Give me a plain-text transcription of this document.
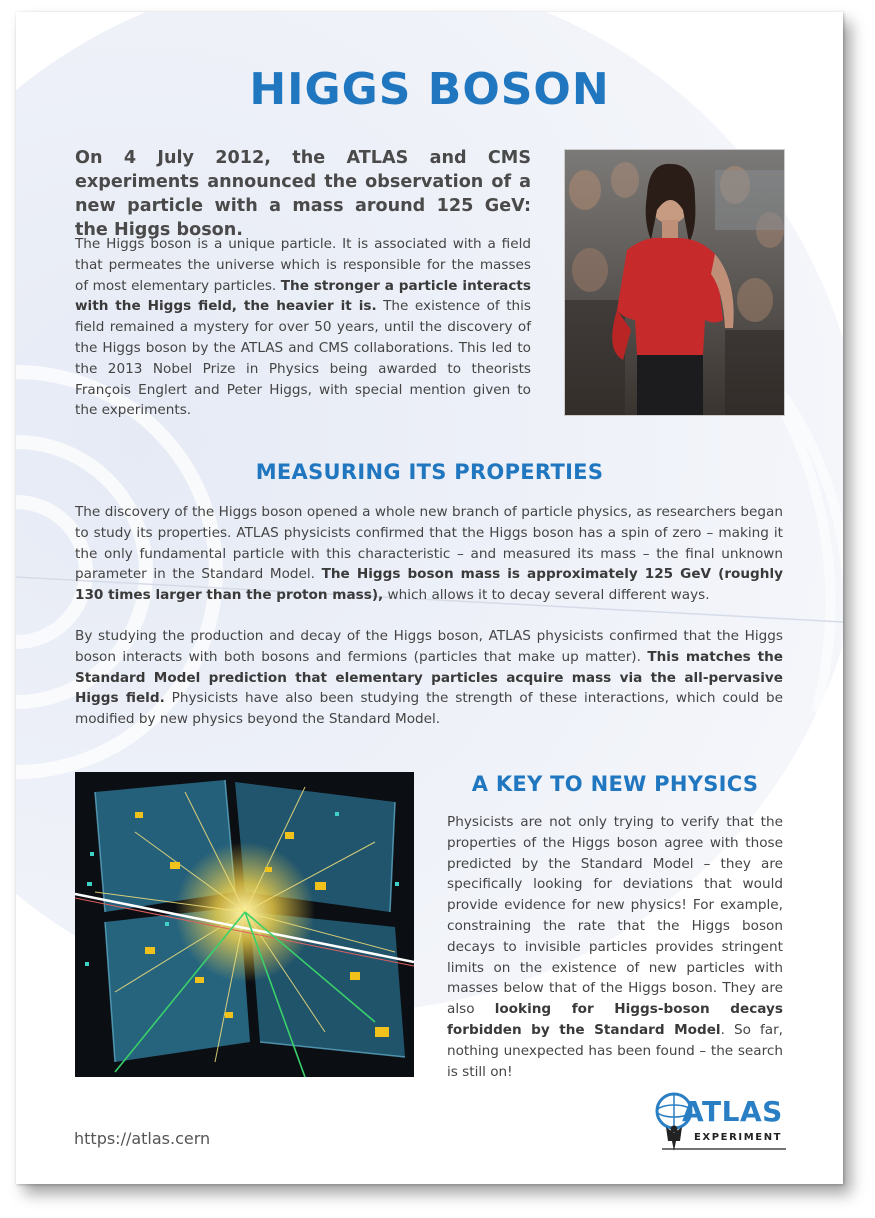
HIGGS BOSON

On 4 July 2012, the ATLAS and CMS experiments announced the observation of a new particle with a mass around 125 GeV: the Higgs boson.

The Higgs boson is a unique particle. It is associated with a field that permeates the universe which is responsible for the masses of most elementary particles. The stronger a particle interacts with the Higgs field, the heavier it is. The existence of this field remained a mystery for over 50 years, until the discovery of the Higgs boson by the ATLAS and CMS collaborations. This led to the 2013 Nobel Prize in Physics being awarded to theorists François Englert and Peter Higgs, with special mention given to the experiments.

MEASURING ITS PROPERTIES

The discovery of the Higgs boson opened a whole new branch of particle physics, as researchers began to study its properties. ATLAS physicists confirmed that the Higgs boson has a spin of zero – making it the only fundamental particle with this characteristic – and measured its mass – the final unknown parameter in the Standard Model. The Higgs boson mass is approximately 125 GeV (roughly 130 times larger than the proton mass), which allows it to decay several different ways.

By studying the production and decay of the Higgs boson, ATLAS physicists confirmed that the Higgs boson interacts with both bosons and fermions (particles that make up matter). This matches the Standard Model prediction that elementary particles acquire mass via the all-pervasive Higgs field. Physicists have also been studying the strength of these interactions, which could be modified by new physics beyond the Standard Model.

A KEY TO NEW PHYSICS

Physicists are not only trying to verify that the properties of the Higgs boson agree with those predicted by the Standard Model – they are specifically looking for deviations that would provide evidence for new physics! For example, constraining the rate that the Higgs boson decays to invisible particles provides stringent limits on the existence of new particles with masses below that of the Higgs boson. They are also looking for Higgs-boson decays forbidden by the Standard Model. So far, nothing unexpected has been found – the search is still on!

https://atlas.cern
ATLAS
EXPERIMENT
